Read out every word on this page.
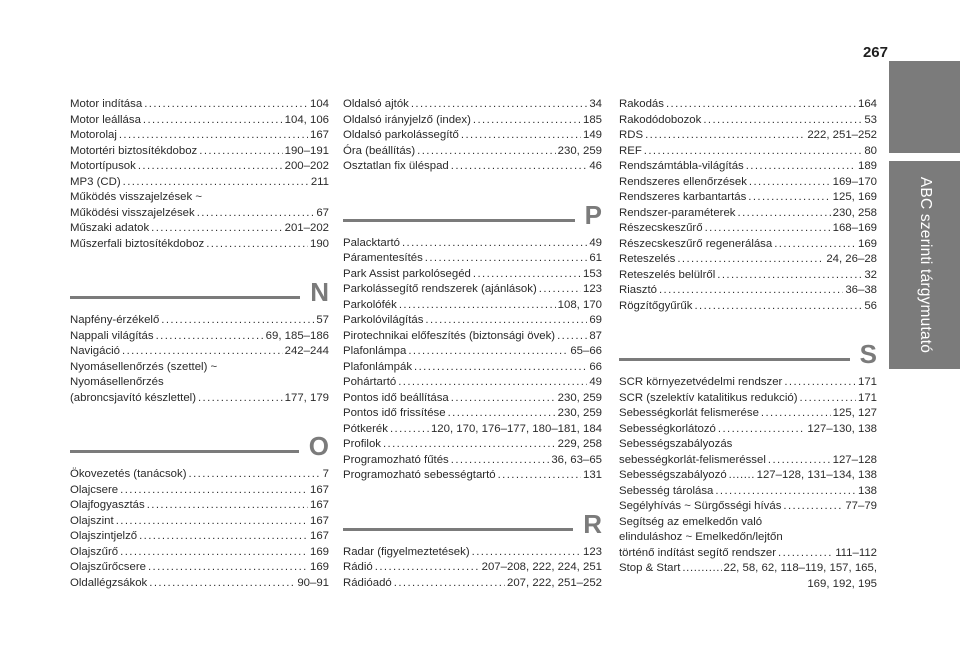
267
ABC szerinti tárgymutató
Motor indítása .....	104
Motor leállása .....	104, 106
Motorolaj .....	167
Motortéri biztosítékdoboz .....	190–191
Motortípusok .....	200–202
MP3 (CD) .....	211
Működés visszajelzések ~
Működési visszajelzések .....	67
Műszaki adatok .....	201–202
Műszerfali biztosítékdoboz .....	190
N
Napfény-érzékelő .....	57
Nappali világítás .....	69, 185–186
Navigáció .....	242–244
Nyomásellenőrzés (szettel) ~
Nyomásellenőrzés
(abroncsjavító készlettel) .....	177, 179
O
Ökovezetés (tanácsok) .....	7
Olajcsere .....	167
Olajfogyasztás .....	167
Olajszint .....	167
Olajszintjelző .....	167
Olajszűrő .....	169
Olajszűrőcsere .....	169
Oldallégzsákok .....	90–91
Oldalsó ajtók .....	34
Oldalsó irányjelző (index) .....	185
Oldalsó parkolássegítő .....	149
Óra (beállítás) .....	230, 259
Osztatlan fix üléspad .....	46
P
Palacktartó .....	49
Páramentesítés .....	61
Park Assist parkolósegéd .....	153
Parkolássegítő rendszerek (ajánlások) .....	123
Parkolófék .....	108, 170
Parkolóvilágítás .....	69
Pirotechnikai előfeszítés (biztonsági övek) .....	87
Plafonlámpa .....	65–66
Plafonlámpák .....	66
Pohártartó .....	49
Pontos idő beállítása .....	230, 259
Pontos idő frissítése .....	230, 259
Pótkerék .....	120, 170, 176–177, 180–181, 184
Profilok .....	229, 258
Programozható fűtés .....	36, 63–65
Programozható sebességtartó .....	131
R
Radar (figyelmeztetések) .....	123
Rádió .....	207–208, 222, 224, 251
Rádióadó .....	207, 222, 251–252
Rakodás .....	164
Rakodódobozok .....	53
RDS .....	222, 251–252
REF .....	80
Rendszámtábla-világítás .....	189
Rendszeres ellenőrzések .....	169–170
Rendszeres karbantartás .....	125, 169
Rendszer-paraméterek .....	230, 258
Részecskeszűrő .....	168–169
Részecskeszűrő regenerálása .....	169
Reteszelés .....	24, 26–28
Reteszelés belülről .....	32
Riasztó .....	36–38
Rögzítőgyűrűk .....	56
S
SCR környezetvédelmi rendszer .....	171
SCR (szelektív katalitikus redukció) .....	171
Sebességkorlát felismerése .....	125, 127
Sebességkorlátozó .....	127–130, 138
Sebességszabályozás
sebességkorlát-felismeréssel .....	127–128
Sebességszabályozó .....	127–128, 131–134, 138
Sebesség tárolása .....	138
Segélyhívás ~ Sürgősségi hívás .....	77–79
Segítség az emelkedőn való
elinduláshoz ~ Emelkedőn/lejtőn
történő indítást segítő rendszer .....	111–112
Stop & Start .....	22, 58, 62, 118–119, 157, 165,
169, 192, 195
